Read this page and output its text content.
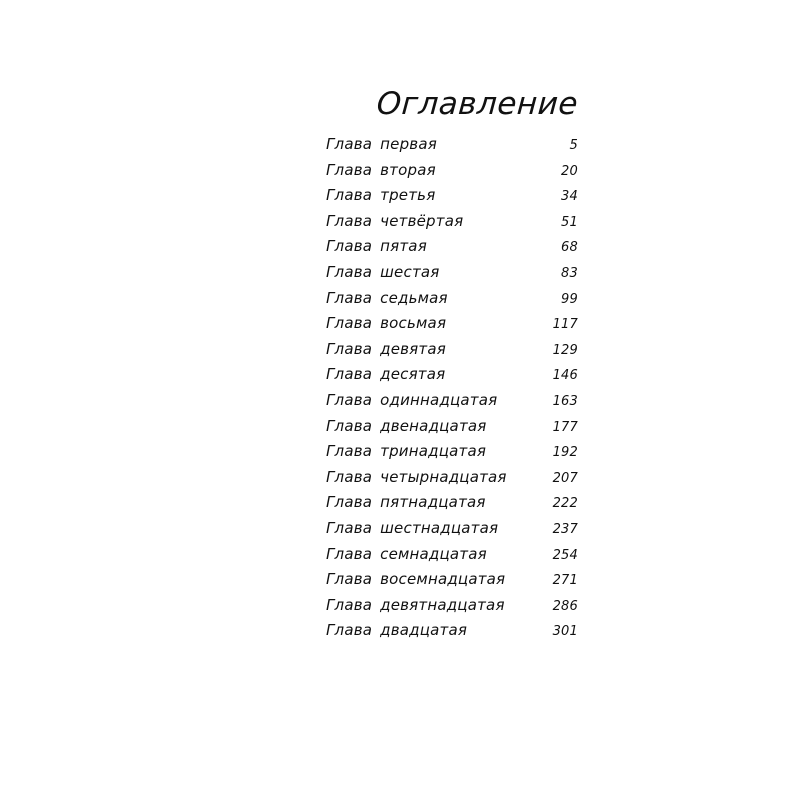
Оглавление
Глава первая	5
Глава вторая	20
Глава третья	34
Глава четвёртая	51
Глава пятая	68
Глава шестая	83
Глава седьмая	99
Глава восьмая	117
Глава девятая	129
Глава десятая	146
Глава одиннадцатая	163
Глава двенадцатая	177
Глава тринадцатая	192
Глава четырнадцатая	207
Глава пятнадцатая	222
Глава шестнадцатая	237
Глава семнадцатая	254
Глава восемнадцатая	271
Глава девятнадцатая	286
Глава двадцатая	301
